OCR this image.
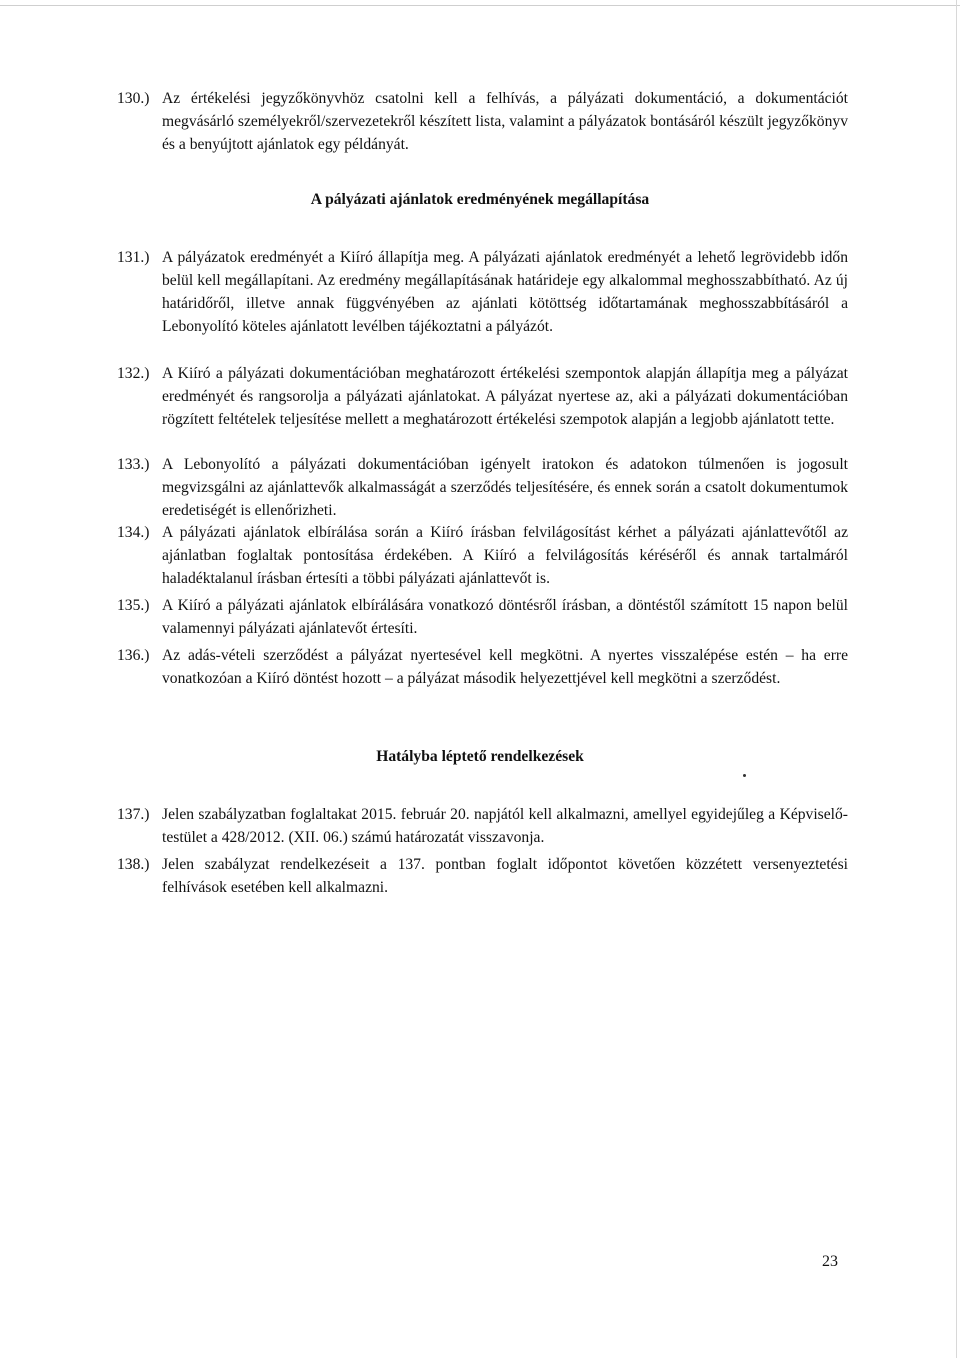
130.) Az értékelési jegyzőkönyvhöz csatolni kell a felhívás, a pályázati dokumentáció, a dokumentációt megvásárló személyekről/szervezetekről készített lista, valamint a pályázatok bontásáról készült jegyzőkönyv és a benyújtott ajánlatok egy példányát.
A pályázati ajánlatok eredményének megállapítása
131.) A pályázatok eredményét a Kiíró állapítja meg. A pályázati ajánlatok eredményét a lehető legrövidebb időn belül kell megállapítani. Az eredmény megállapításának határideje egy alkalommal meghosszabbítható. Az új határidőről, illetve annak függvényében az ajánlati kötöttség időtartamának meghosszabbításáról a Lebonyolító köteles ajánlatott levélben tájékoztatni a pályázót.
132.) A Kiíró a pályázati dokumentációban meghatározott értékelési szempontok alapján állapítja meg a pályázat eredményét és rangsorolja a pályázati ajánlatokat. A pályázat nyertese az, aki a pályázati dokumentációban rögzített feltételek teljesítése mellett a meghatározott értékelési szempotok alapján a legjobb ajánlatott tette.
133.) A Lebonyolító a pályázati dokumentációban igényelt iratokon és adatokon túlmenően is jogosult megvizsgálni az ajánlattevők alkalmasságát a szerződés teljesítésére, és ennek során a csatolt dokumentumok eredetiségét is ellenőrizheti.
134.) A pályázati ajánlatok elbírálása során a Kiíró írásban felvilágosítást kérhet a pályázati ajánlattevőtől az ajánlatban foglaltak pontosítása érdekében. A Kiíró a felvilágosítás kéréséről és annak tartalmáról haladéktalanul írásban értesíti a többi pályázati ajánlattevőt is.
135.) A Kiíró a pályázati ajánlatok elbírálására vonatkozó döntésről írásban, a döntéstől számított 15 napon belül valamennyi pályázati ajánlatevőt értesíti.
136.) Az adás-vételi szerződést a pályázat nyertesével kell megkötni. A nyertes visszalépése estén – ha erre vonatkozóan a Kiíró döntést hozott – a pályázat második helyezettjével kell megkötni a szerződést.
Hatályba léptető rendelkezések
137.) Jelen szabályzatban foglaltakat 2015. február 20. napjától kell alkalmazni, amellyel egyidejűleg a Képviselő-testület a 428/2012. (XII. 06.) számú határozatát visszavonja.
138.) Jelen szabályzat rendelkezéseit a 137. pontban foglalt időpontot követően közzétett versenyeztetési felhívások esetében kell alkalmazni.
23
